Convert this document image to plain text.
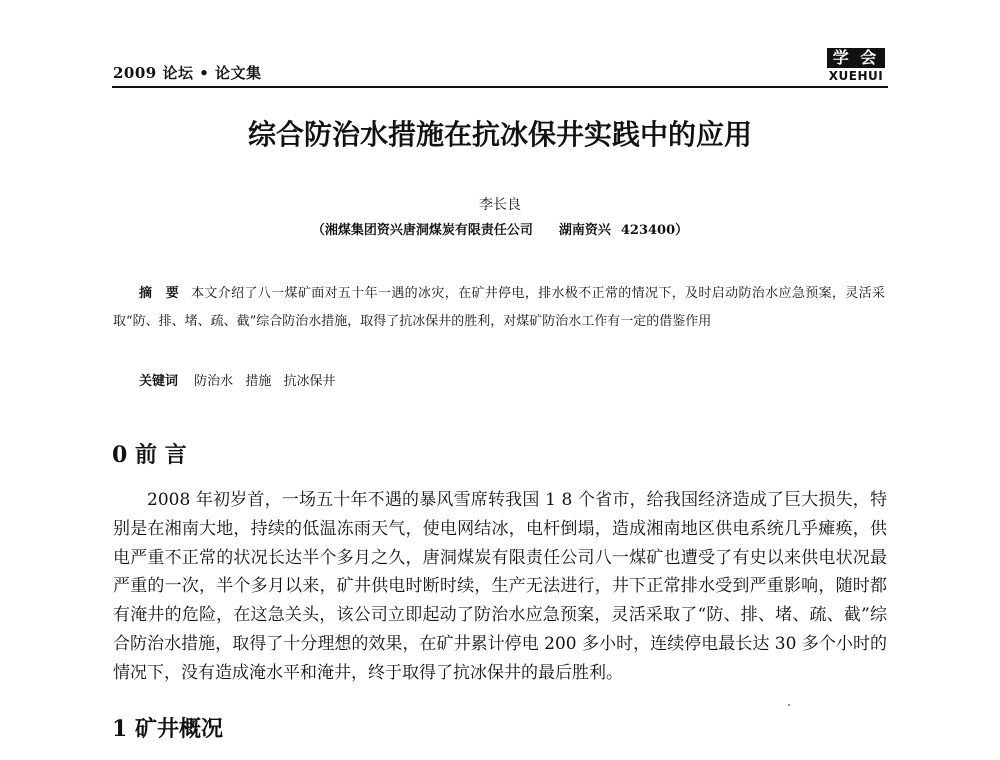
2009 论坛 • 论文集
学 会
XUEHUI
综合防治水措施在抗冰保井实践中的应用
李长良
（湘煤集团资兴唐洞煤炭有限责任公司 湖南资兴 423400）
摘　要 本文介绍了八一煤矿面对五十年一遇的冰灾，在矿井停电，排水极不正常的情况下，及时启动防治水应急预案，灵活采取“防、排、堵、疏、截”综合防治水措施，取得了抗冰保井的胜利，对煤矿防治水工作有一定的借鉴作用
关键词 防治水 措施 抗冰保井
0 前 言
2008 年初岁首，一场五十年不遇的暴风雪席转我国 1 8 个省市，给我国经济造成了巨大损失，特别是在湘南大地，持续的低温冻雨天气，使电网结冰，电杆倒塌，造成湘南地区供电系统几乎瘫痪，供电严重不正常的状况长达半个多月之久，唐洞煤炭有限责任公司八一煤矿也遭受了有史以来供电状况最严重的一次，半个多月以来，矿井供电时断时续，生产无法进行，井下正常排水受到严重影响，随时都有淹井的危险，在这急关头，该公司立即起动了防治水应急预案，灵活采取了“防、排、堵、疏、截”综合防治水措施，取得了十分理想的效果，在矿井累计停电 200 多小时，连续停电最长达 30 多个小时的情况下，没有造成淹水平和淹井，终于取得了抗冰保井的最后胜利。
1 矿井概况
